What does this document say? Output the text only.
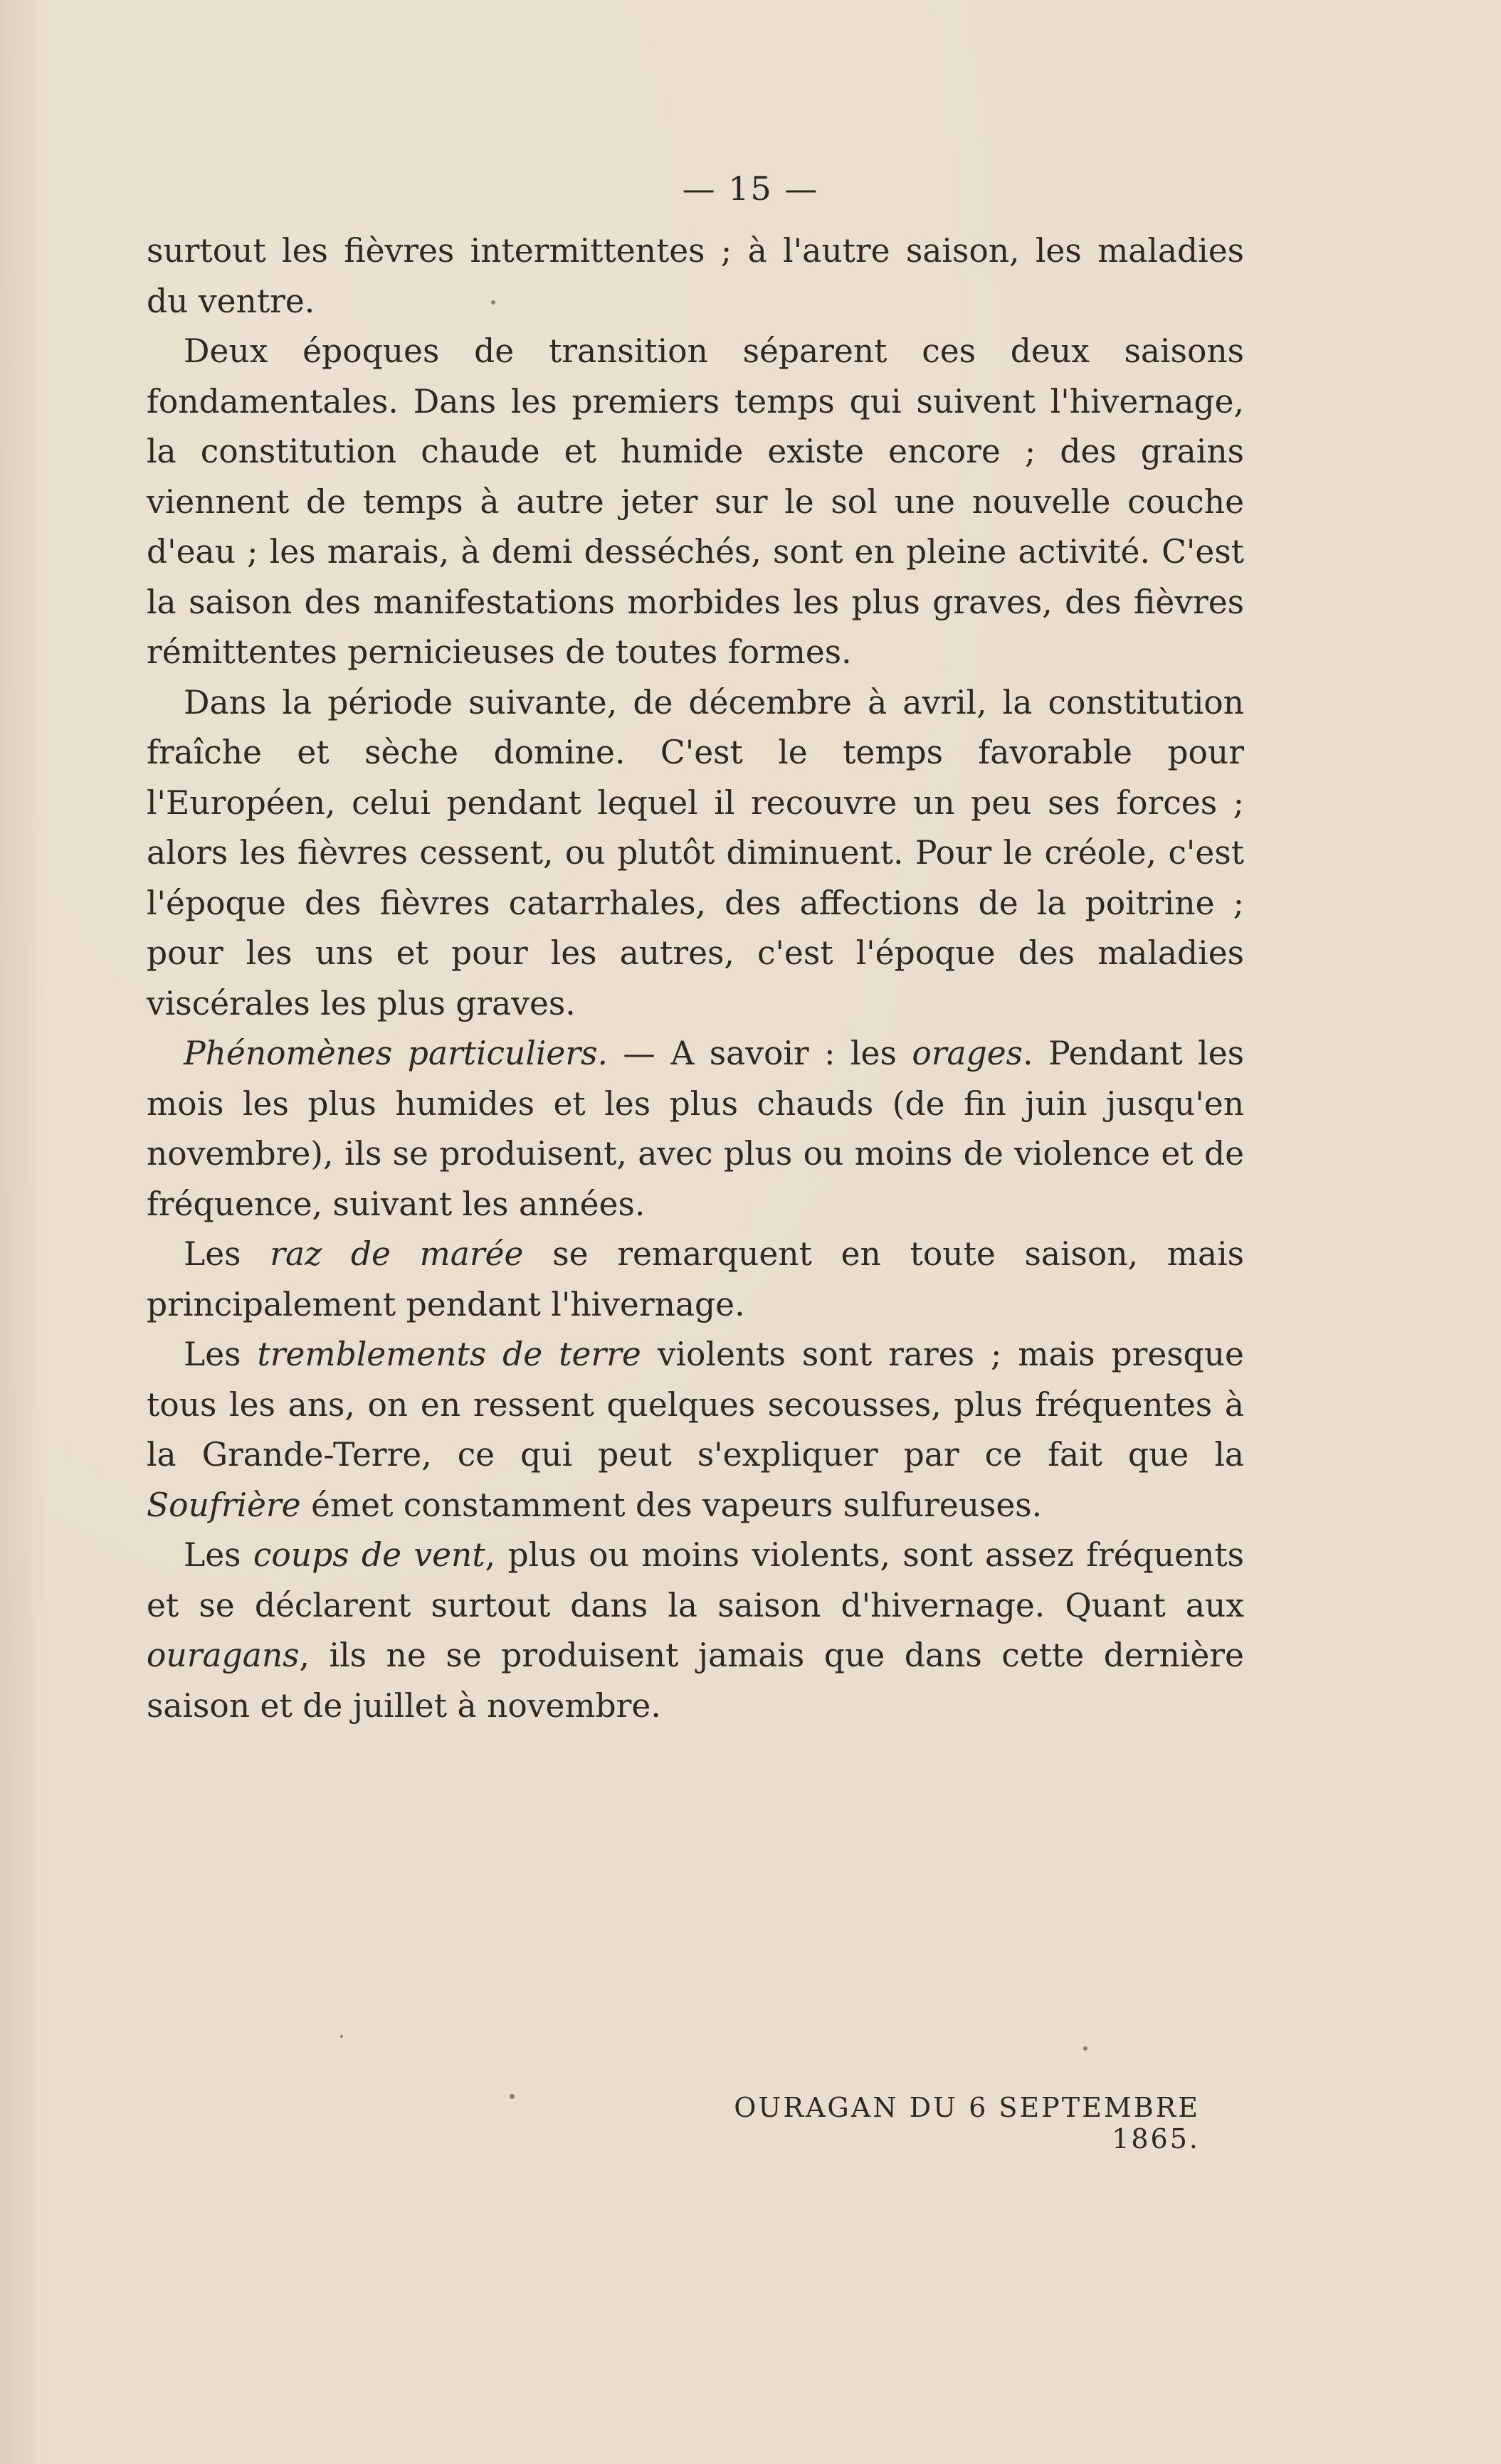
— 15 —

surtout les fièvres intermittentes ; à l'autre saison, les maladies du ventre.

Deux époques de transition séparent ces deux saisons fondamentales. Dans les premiers temps qui suivent l'hivernage, la constitution chaude et humide existe encore ; des grains viennent de temps à autre jeter sur le sol une nouvelle couche d'eau ; les marais, à demi desséchés, sont en pleine activité. C'est la saison des manifestations morbides les plus graves, des fièvres rémittentes pernicieuses de toutes formes.

Dans la période suivante, de décembre à avril, la constitution fraîche et sèche domine. C'est le temps favorable pour l'Européen, celui pendant lequel il recouvre un peu ses forces ; alors les fièvres cessent, ou plutôt diminuent. Pour le créole, c'est l'époque des fièvres catarrhales, des affections de la poitrine ; pour les uns et pour les autres, c'est l'époque des maladies viscérales les plus graves.

Phénomènes particuliers. — A savoir : les orages. Pendant les mois les plus humides et les plus chauds (de fin juin jusqu'en novembre), ils se produisent, avec plus ou moins de violence et de fréquence, suivant les années.

Les raz de marée se remarquent en toute saison, mais principalement pendant l'hivernage.

Les tremblements de terre violents sont rares ; mais presque tous les ans, on en ressent quelques secousses, plus fréquentes à la Grande-Terre, ce qui peut s'expliquer par ce fait que la Soufrière émet constamment des vapeurs sulfureuses.

Les coups de vent, plus ou moins violents, sont assez fréquents et se déclarent surtout dans la saison d'hivernage. Quant aux ouragans, ils ne se produisent jamais que dans cette dernière saison et de juillet à novembre.

OURAGAN DU 6 SEPTEMBRE 1865.
